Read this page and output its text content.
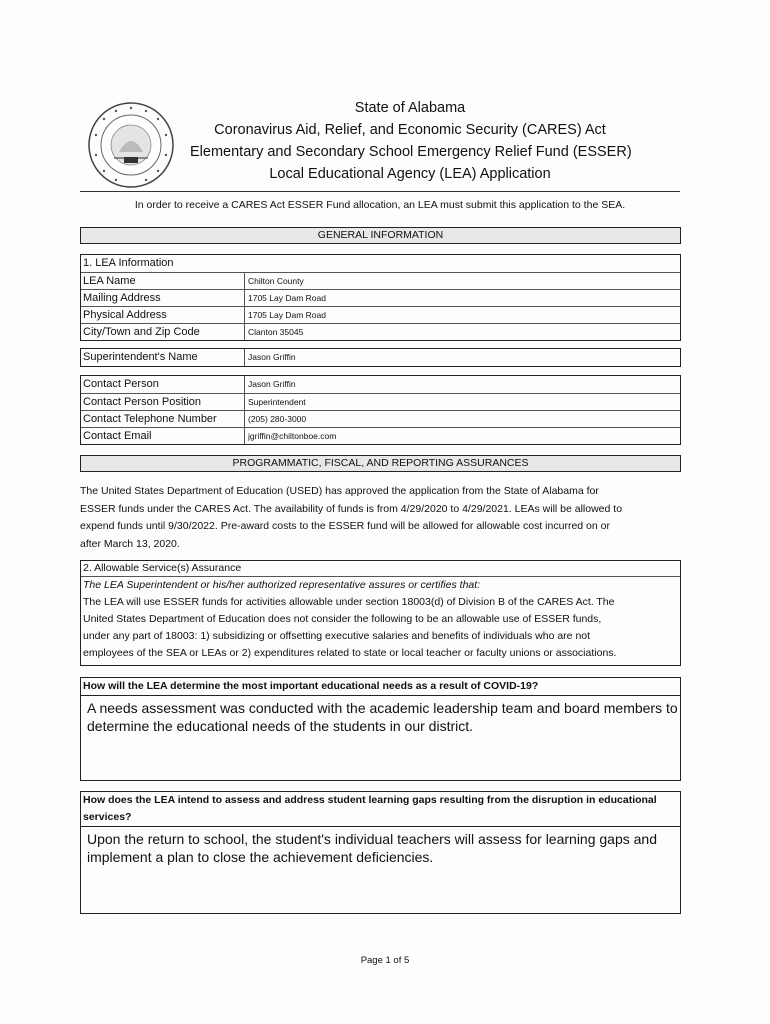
State of Alabama
Coronavirus Aid, Relief, and Economic Security (CARES) Act
Elementary and Secondary School Emergency Relief Fund (ESSER)
Local Educational Agency (LEA) Application
In order to receive a CARES Act ESSER Fund allocation, an LEA must submit this application to the SEA.
GENERAL INFORMATION
1. LEA Information
LEA Name	Chilton County
Mailing Address	1705 Lay Dam Road
Physical Address	1705 Lay Dam Road
City/Town and Zip Code	Clanton 35045
Superintendent's Name	Jason Griffin
Contact Person	Jason Griffin
Contact Person Position	Superintendent
Contact Telephone Number	(205) 280-3000
Contact Email	jgriffin@chiltonboe.com
PROGRAMMATIC, FISCAL, AND REPORTING ASSURANCES
The United States Department of Education (USED) has approved the application from the State of Alabama for
ESSER funds under the CARES Act. The availability of funds is from 4/29/2020 to 4/29/2021. LEAs will be allowed to
expend funds until 9/30/2022. Pre-award costs to the ESSER fund will be allowed for allowable cost incurred on or
after March 13, 2020.
2. Allowable Service(s) Assurance
The LEA Superintendent or his/her authorized representative assures or certifies that:
The LEA will use ESSER funds for activities allowable under section 18003(d) of Division B of the CARES Act. The
United States Department of Education does not consider the following to be an allowable use of ESSER funds,
under any part of 18003: 1) subsidizing or offsetting executive salaries and benefits of individuals who are not
employees of the SEA or LEAs or 2) expenditures related to state or local teacher or faculty unions or associations.
How will the LEA determine the most important educational needs as a result of COVID-19?
A needs assessment was conducted with the academic leadership team and board members to
determine the educational needs of the students in our district.
How does the LEA intend to assess and address student learning gaps resulting from the disruption in educational
services?
Upon the return to school, the student's individual teachers will assess for learning gaps and
implement a plan to close the achievement deficiencies.
Page 1 of 5
